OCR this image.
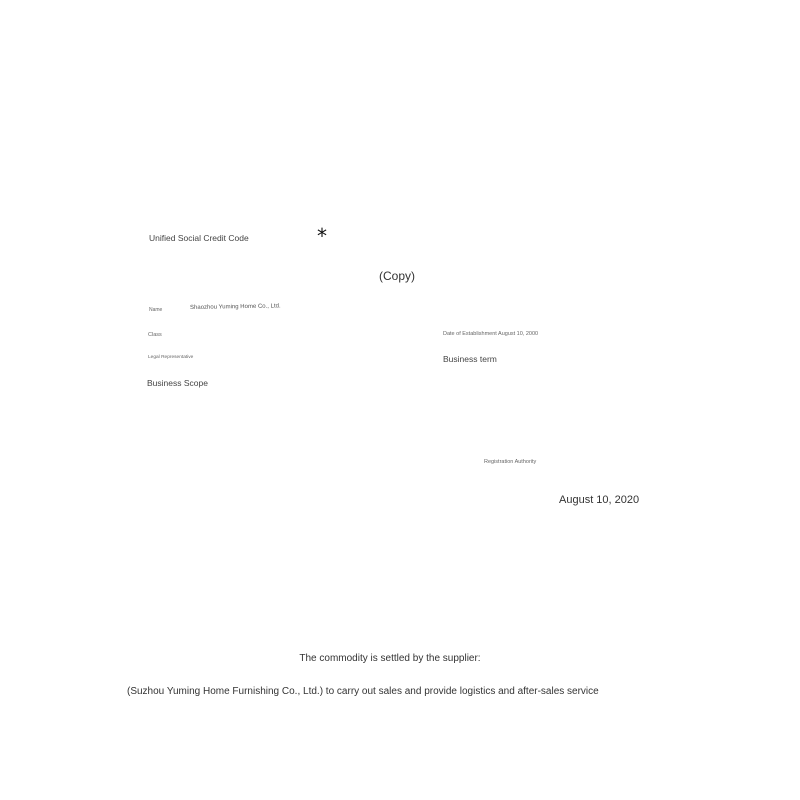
Unified Social Credit Code	*
(Copy)
Name	Shaozhou Yuming Home Co., Ltd.
Class	Date of Establishment August 10, 2000
Legal Representative	Business term
Business Scope
Registration Authority
August 10, 2020
The commodity is settled by the supplier:
(Suzhou Yuming Home Furnishing Co., Ltd.) to carry out sales and provide logistics and after-sales service
